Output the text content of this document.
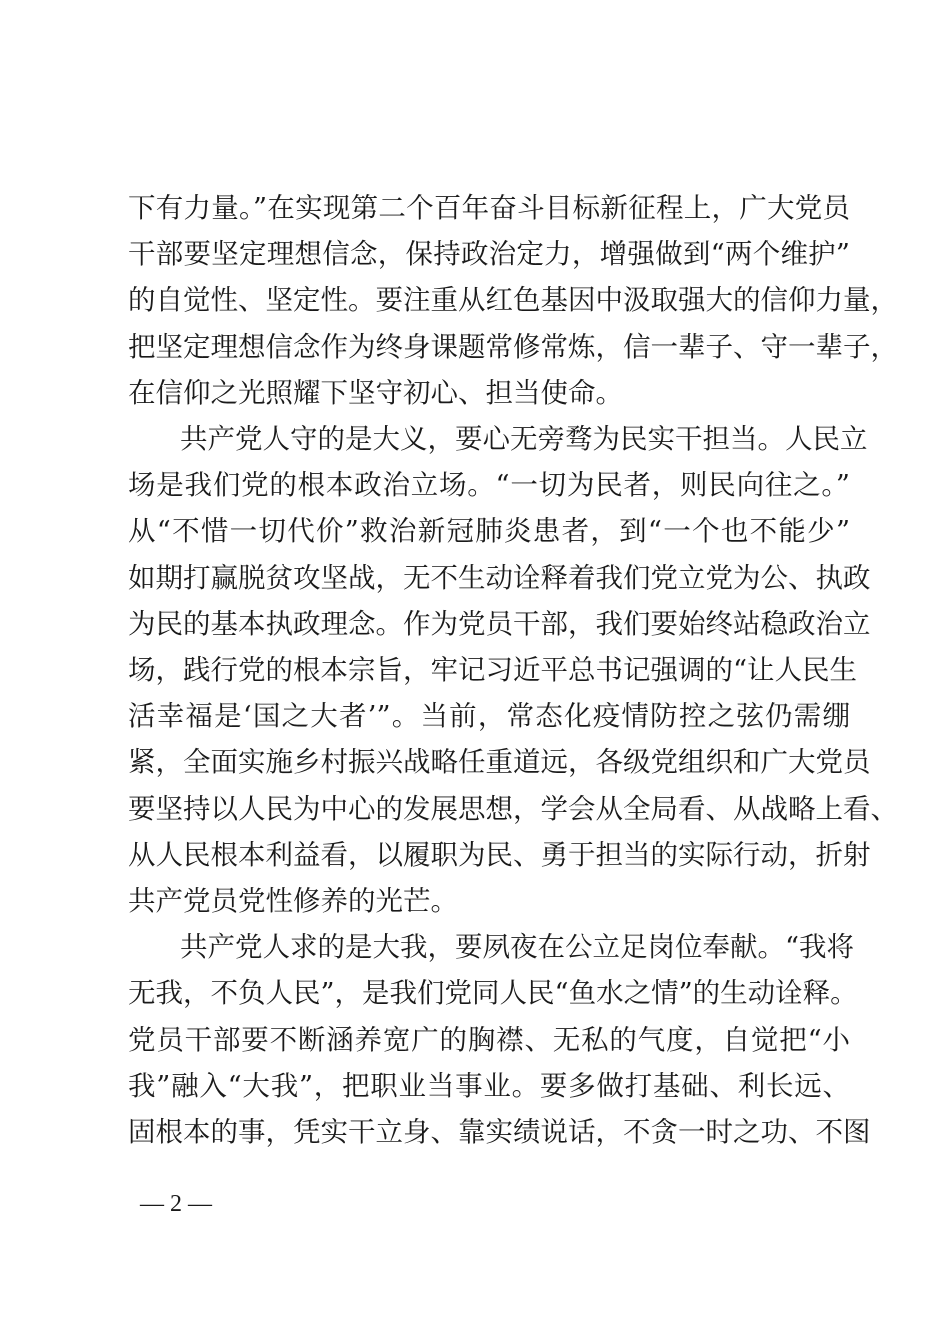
下有力量。”在实现第二个百年奋斗目标新征程上，广大党员
干部要坚定理想信念，保持政治定力，增强做到“两个维护”
的自觉性、坚定性。要注重从红色基因中汲取强大的信仰力量，
把坚定理想信念作为终身课题常修常炼，信一辈子、守一辈子，
在信仰之光照耀下坚守初心、担当使命。
共产党人守的是大义，要心无旁骛为民实干担当。人民立
场是我们党的根本政治立场。“一切为民者，则民向往之。”
从“不惜一切代价”救治新冠肺炎患者，到“一个也不能少”
如期打赢脱贫攻坚战，无不生动诠释着我们党立党为公、执政
为民的基本执政理念。作为党员干部，我们要始终站稳政治立
场，践行党的根本宗旨，牢记习近平总书记强调的“让人民生
活幸福是‘国之大者’”。当前，常态化疫情防控之弦仍需绷
紧，全面实施乡村振兴战略任重道远，各级党组织和广大党员
要坚持以人民为中心的发展思想，学会从全局看、从战略上看、
从人民根本利益看，以履职为民、勇于担当的实际行动，折射
共产党员党性修养的光芒。
共产党人求的是大我，要夙夜在公立足岗位奉献。“我将
无我，不负人民”，是我们党同人民“鱼水之情”的生动诠释。
党员干部要不断涵养宽广的胸襟、无私的气度，自觉把“小
我”融入“大我”，把职业当事业。要多做打基础、利长远、
固根本的事，凭实干立身、靠实绩说话，不贪一时之功、不图
— 2 —
